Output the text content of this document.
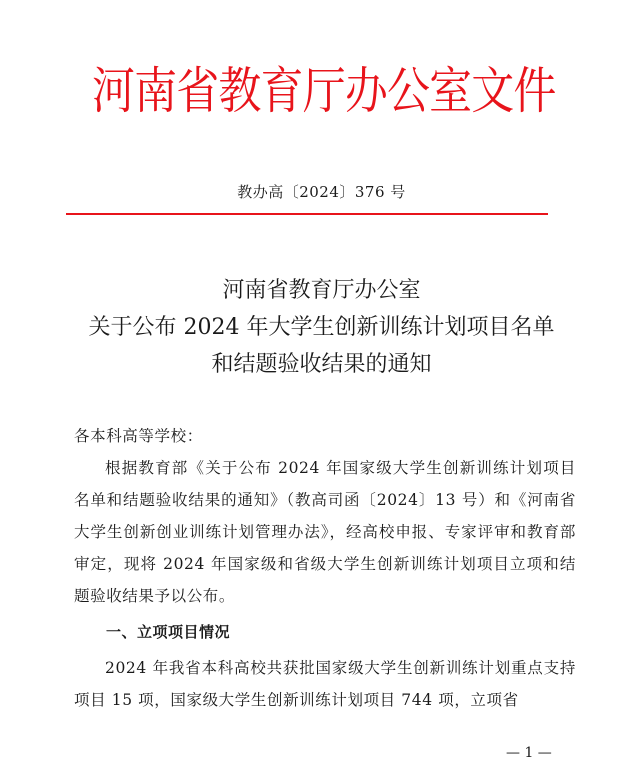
河南省教育厅办公室文件
教办高〔2024〕376 号
河南省教育厅办公室
关于公布 2024 年大学生创新训练计划项目名单
和结题验收结果的通知
各本科高等学校：
根据教育部《关于公布 2024 年国家级大学生创新训练计划项目名单和结题验收结果的通知》（教高司函〔2024〕13 号）和《河南省大学生创新创业训练计划管理办法》，经高校申报、专家评审和教育部审定，现将 2024 年国家级和省级大学生创新训练计划项目立项和结题验收结果予以公布。
一、立项项目情况
2024 年我省本科高校共获批国家级大学生创新训练计划重点支持项目 15 项，国家级大学生创新训练计划项目 744 项，立项省
— 1 —
